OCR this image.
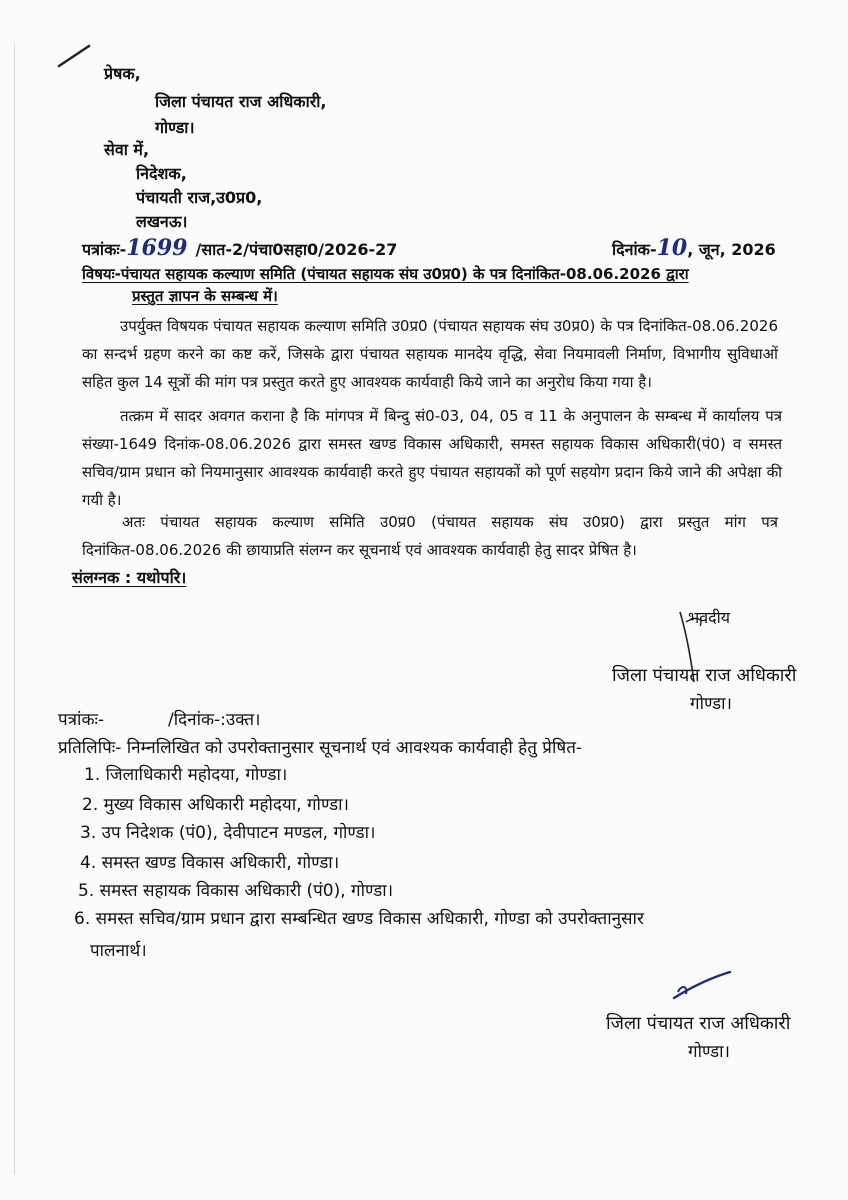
प्रेषक,
जिला पंचायत राज अधिकारी,
गोण्डा।
सेवा में,
निदेशक,
पंचायती राज,उ0प्र0,
लखनऊ।
पत्रांकः-1699 /सात-2/पंचा0सहा0/2026-27	दिनांक-10, जून, 2026
विषयः-पंचायत सहायक कल्याण समिति (पंचायत सहायक संघ उ0प्र0) के पत्र दिनांकित-08.06.2026 द्वारा
प्रस्तुत ज्ञापन के सम्बन्ध में।
उपर्युक्त विषयक पंचायत सहायक कल्याण समिति उ0प्र0 (पंचायत सहायक संघ उ0प्र0) के पत्र दिनांकित-08.06.2026 का सन्दर्भ ग्रहण करने का कष्ट करें, जिसके द्वारा पंचायत सहायक मानदेय वृद्धि, सेवा नियमावली निर्माण, विभागीय सुविधाओं सहित कुल 14 सूत्रों की मांग पत्र प्रस्तुत करते हुए आवश्यक कार्यवाही किये जाने का अनुरोध किया गया है।
तत्क्रम में सादर अवगत कराना है कि मांगपत्र में बिन्दु सं0-03, 04, 05 व 11 के अनुपालन के सम्बन्ध में कार्यालय पत्र संख्या-1649 दिनांक-08.06.2026 द्वारा समस्त खण्ड विकास अधिकारी, समस्त सहायक विकास अधिकारी(पं0) व समस्त सचिव/ग्राम प्रधान को नियमानुसार आवश्यक कार्यवाही करते हुए पंचायत सहायकों को पूर्ण सहयोग प्रदान किये जाने की अपेक्षा की गयी है।
अतः पंचायत सहायक कल्याण समिति उ0प्र0 (पंचायत सहायक संघ उ0प्र0) द्वारा प्रस्तुत मांग पत्र दिनांकित-08.06.2026 की छायाप्रति संलग्न कर सूचनार्थ एवं आवश्यक कार्यवाही हेतु सादर प्रेषित है।
संलग्नक : यथोपरि।
भवदीय
जिला पंचायत राज अधिकारी
गोण्डा।
पत्रांकः-	/दिनांक-:उक्त।
प्रतिलिपिः- निम्नलिखित को उपरोक्तानुसार सूचनार्थ एवं आवश्यक कार्यवाही हेतु प्रेषित-
1. जिलाधिकारी महोदया, गोण्डा।
2. मुख्य विकास अधिकारी महोदया, गोण्डा।
3. उप निदेशक (पं0), देवीपाटन मण्डल, गोण्डा।
4. समस्त खण्ड विकास अधिकारी, गोण्डा।
5. समस्त सहायक विकास अधिकारी (पं0), गोण्डा।
6. समस्त सचिव/ग्राम प्रधान द्वारा सम्बन्धित खण्ड विकास अधिकारी, गोण्डा को उपरोक्तानुसार
पालनार्थ।
जिला पंचायत राज अधिकारी
गोण्डा।
